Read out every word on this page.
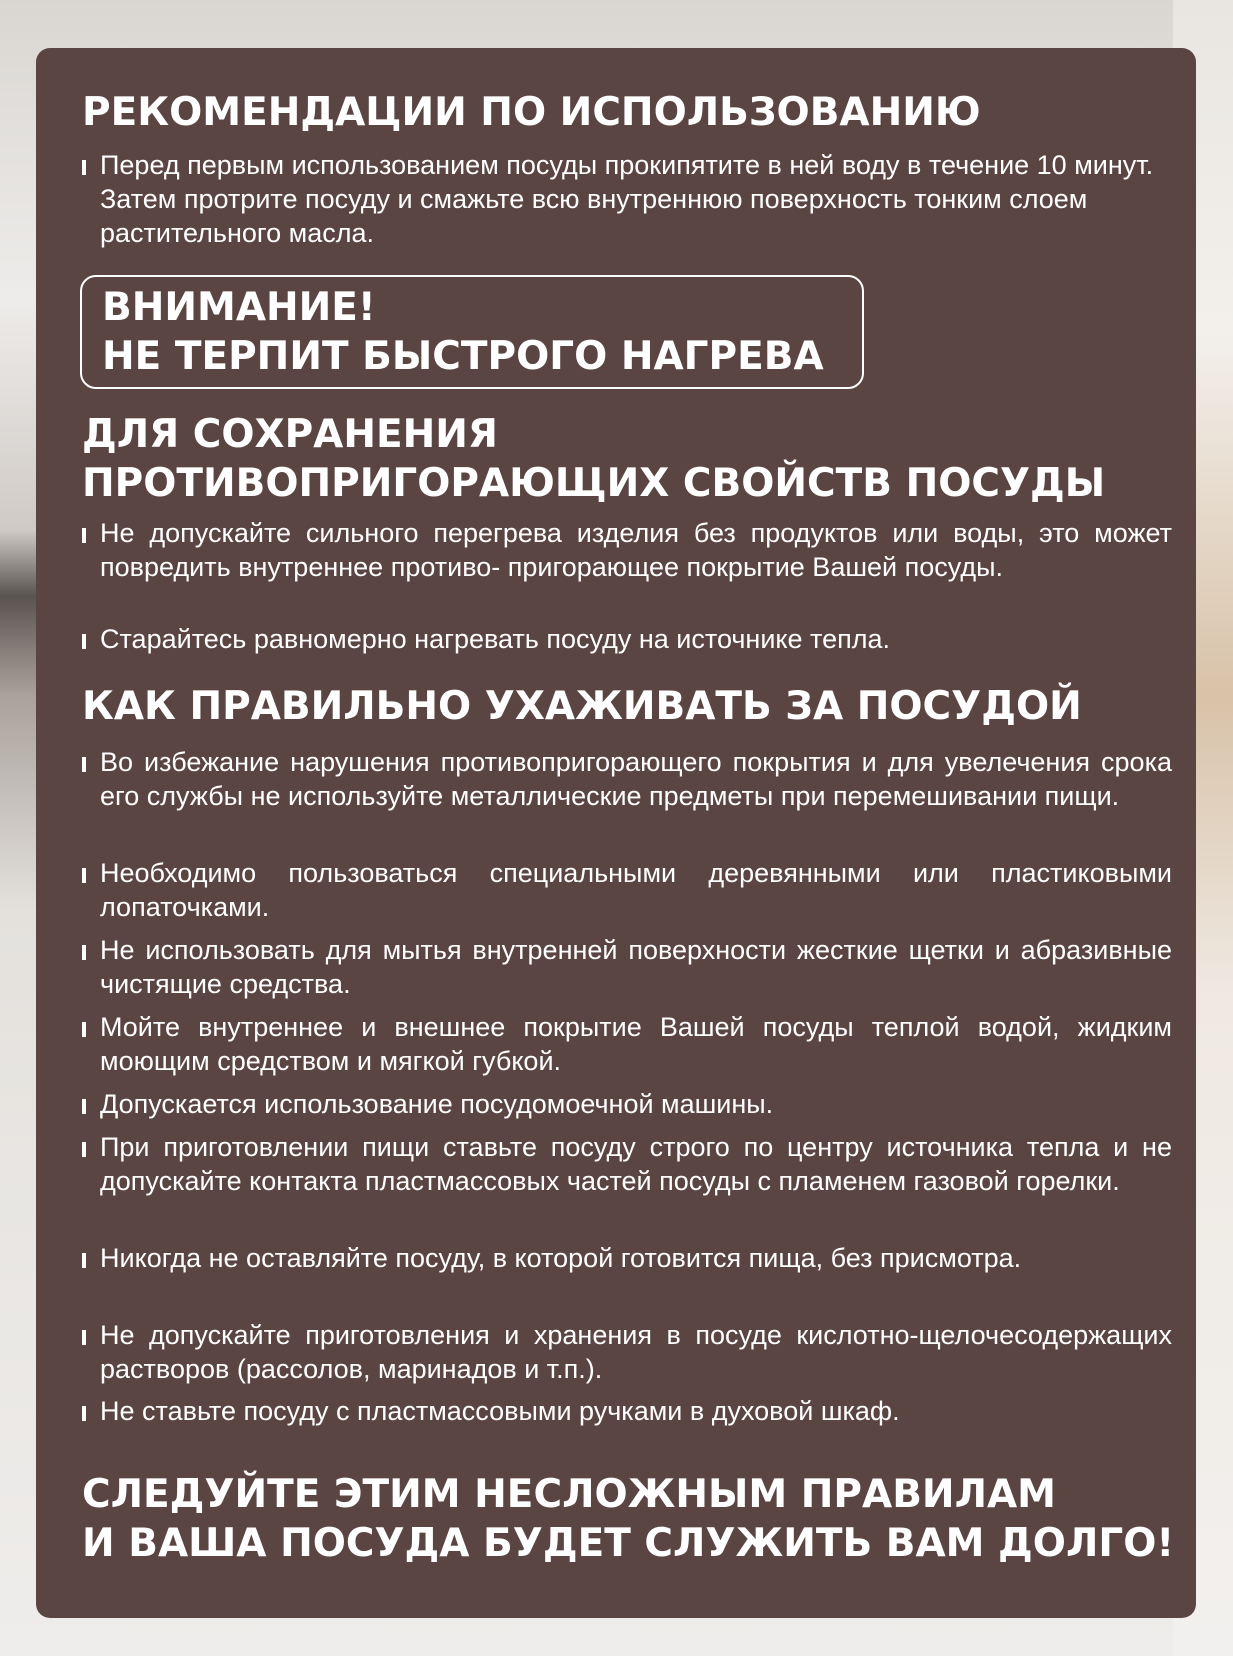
РЕКОМЕНДАЦИИ ПО ИСПОЛЬЗОВАНИЮ
Перед первым использованием посуды прокипятите в ней воду в течение 10 минут. Затем протрите посуду и смажьте всю внутреннюю поверхность тонким слоем растительного масла.

ВНИМАНИЕ!
НЕ ТЕРПИТ БЫСТРОГО НАГРЕВА

ДЛЯ СОХРАНЕНИЯ
ПРОТИВОПРИГОРАЮЩИХ СВОЙСТВ ПОСУДЫ
Не допускайте сильного перегрева изделия без продуктов или воды, это может повредить внутреннее противо- пригорающее покрытие Вашей посуды.
Старайтесь равномерно нагревать посуду на источнике тепла.
КАК ПРАВИЛЬНО УХАЖИВАТЬ ЗА ПОСУДОЙ
Во избежание нарушения противопригорающего покрытия и для увелечения срока его службы не используйте металлические предметы при перемешивании пищи.
Необходимо пользоваться специальными деревянными или пластиковыми лопаточками.
Не использовать для мытья внутренней поверхности жесткие щетки и абразивные чистящие средства.
Мойте внутреннее и внешнее покрытие Вашей посуды теплой водой, жидким моющим средством и мягкой губкой.
Допускается использование посудомоечной машины.
При приготовлении пищи ставьте посуду строго по центру источника тепла и не допускайте контакта пластмассовых частей посуды с пламенем газовой горелки.
Никогда не оставляйте посуду, в которой готовится пища, без присмотра.
Не допускайте приготовления и хранения в посуде кислотно-щелочесодержащих растворов (рассолов, маринадов и т.п.).
Не ставьте посуду с пластмассовыми ручками в духовой шкаф.

СЛЕДУЙТЕ ЭТИМ НЕСЛОЖНЫМ ПРАВИЛАМ
И ВАША ПОСУДА БУДЕТ СЛУЖИТЬ ВАМ ДОЛГО!
